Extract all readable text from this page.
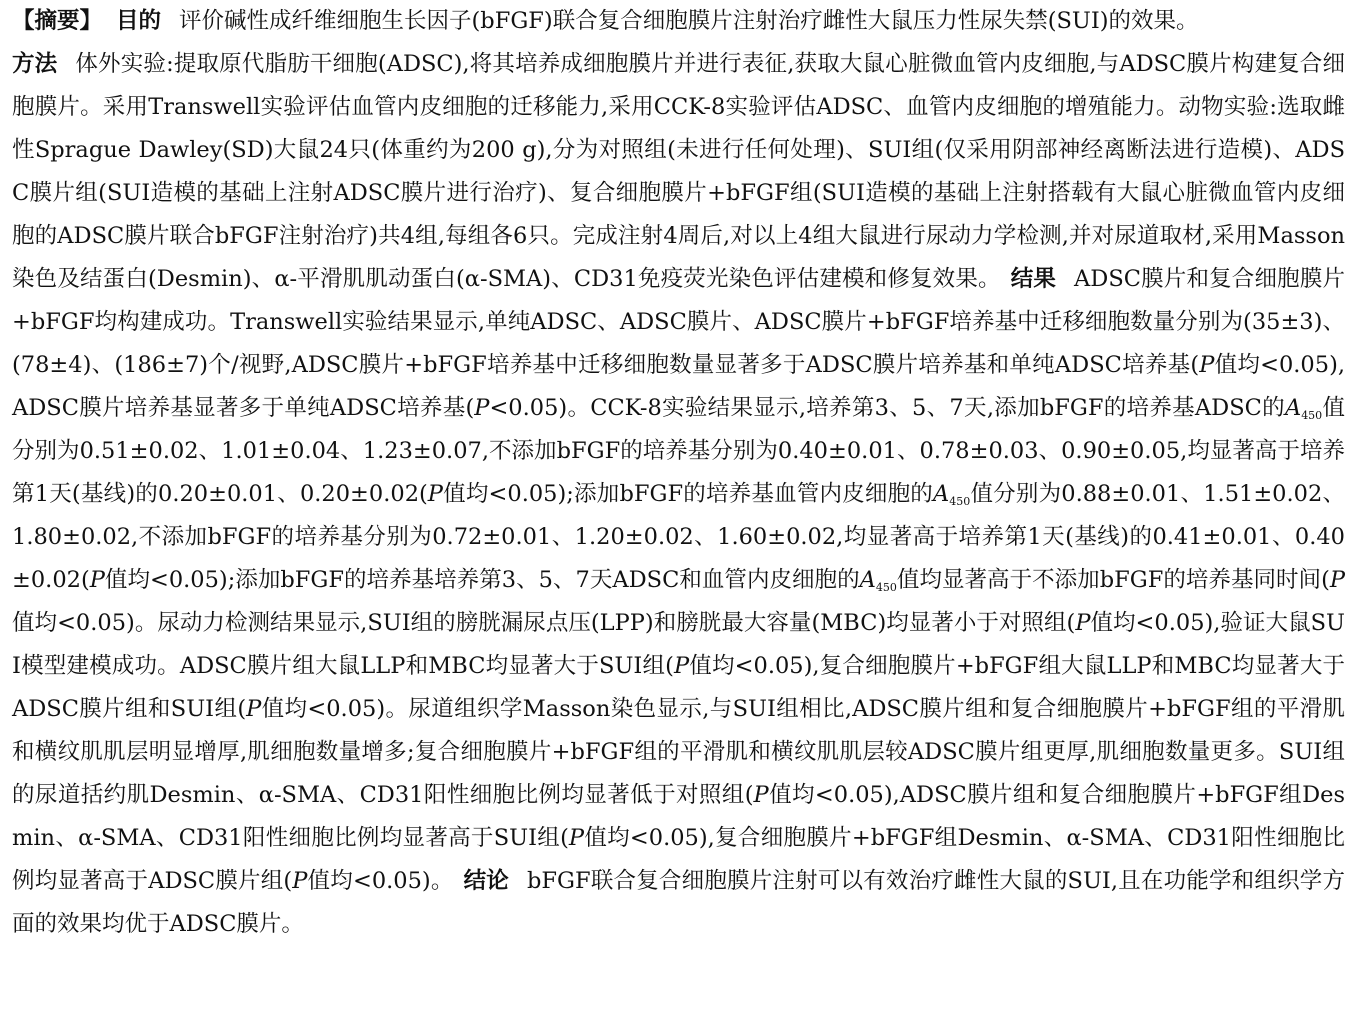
【摘要】 目的 评价碱性成纤维细胞生长因子(bFGF)联合复合细胞膜片注射治疗雌性大鼠压力性尿失禁(SUI)的效果。
方法 体外实验:提取原代脂肪干细胞(ADSC),将其培养成细胞膜片并进行表征,获取大鼠心脏微血管内皮细胞,与ADSC膜片构建复合细胞膜片。采用Transwell实验评估血管内皮细胞的迁移能力,采用CCK-8实验评估ADSC、血管内皮细胞的增殖能力。动物实验:选取雌性Sprague Dawley(SD)大鼠24只(体重约为200 g),分为对照组(未进行任何处理)、SUI组(仅采用阴部神经离断法进行造模)、ADSC膜片组(SUI造模的基础上注射ADSC膜片进行治疗)、复合细胞膜片+bFGF组(SUI造模的基础上注射搭载有大鼠心脏微血管内皮细胞的ADSC膜片联合bFGF注射治疗)共4组,每组各6只。完成注射4周后,对以上4组大鼠进行尿动力学检测,并对尿道取材,采用Masson染色及结蛋白(Desmin)、α-平滑肌肌动蛋白(α-SMA)、CD31免疫荧光染色评估建模和修复效果。 结果 ADSC膜片和复合细胞膜片+bFGF均构建成功。Transwell实验结果显示,单纯ADSC、ADSC膜片、ADSC膜片+bFGF培养基中迁移细胞数量分别为(35±3)、(78±4)、(186±7)个/视野,ADSC膜片+bFGF培养基中迁移细胞数量显著多于ADSC膜片培养基和单纯ADSC培养基(P值均<0.05),ADSC膜片培养基显著多于单纯ADSC培养基(P<0.05)。CCK-8实验结果显示,培养第3、5、7天,添加bFGF的培养基ADSC的$A_{450}$值分别为0.51±0.02、1.01±0.04、1.23±0.07,不添加bFGF的培养基分别为0.40±0.01、0.78±0.03、0.90±0.05,均显著高于培养第1天(基线)的0.20±0.01、0.20±0.02(P值均<0.05);添加bFGF的培养基血管内皮细胞的$A_{450}$值分别为0.88±0.01、1.51±0.02、1.80±0.02,不添加bFGF的培养基分别为0.72±0.01、1.20±0.02、1.60±0.02,均显著高于培养第1天(基线)的0.41±0.01、0.40±0.02(P值均<0.05);添加bFGF的培养基培养第3、5、7天ADSC和血管内皮细胞的$A_{450}$值均显著高于不添加bFGF的培养基同时间(P值均<0.05)。尿动力检测结果显示,SUI组的膀胱漏尿点压(LPP)和膀胱最大容量(MBC)均显著小于对照组(P值均<0.05),验证大鼠SUI模型建模成功。ADSC膜片组大鼠LLP和MBC均显著大于SUI组(P值均<0.05),复合细胞膜片+bFGF组大鼠LLP和MBC均显著大于ADSC膜片组和SUI组(P值均<0.05)。尿道组织学Masson染色显示,与SUI组相比,ADSC膜片组和复合细胞膜片+bFGF组的平滑肌和横纹肌肌层明显增厚,肌细胞数量增多;复合细胞膜片+bFGF组的平滑肌和横纹肌肌层较ADSC膜片组更厚,肌细胞数量更多。SUI组的尿道括约肌Desmin、α-SMA、CD31阳性细胞比例均显著低于对照组(P值均<0.05),ADSC膜片组和复合细胞膜片+bFGF组Desmin、α-SMA、CD31阳性细胞比例均显著高于SUI组(P值均<0.05),复合细胞膜片+bFGF组Desmin、α-SMA、CD31阳性细胞比例均显著高于ADSC膜片组(P值均<0.05)。 结论 bFGF联合复合细胞膜片注射可以有效治疗雌性大鼠的SUI,且在功能学和组织学方面的效果均优于ADSC膜片。
